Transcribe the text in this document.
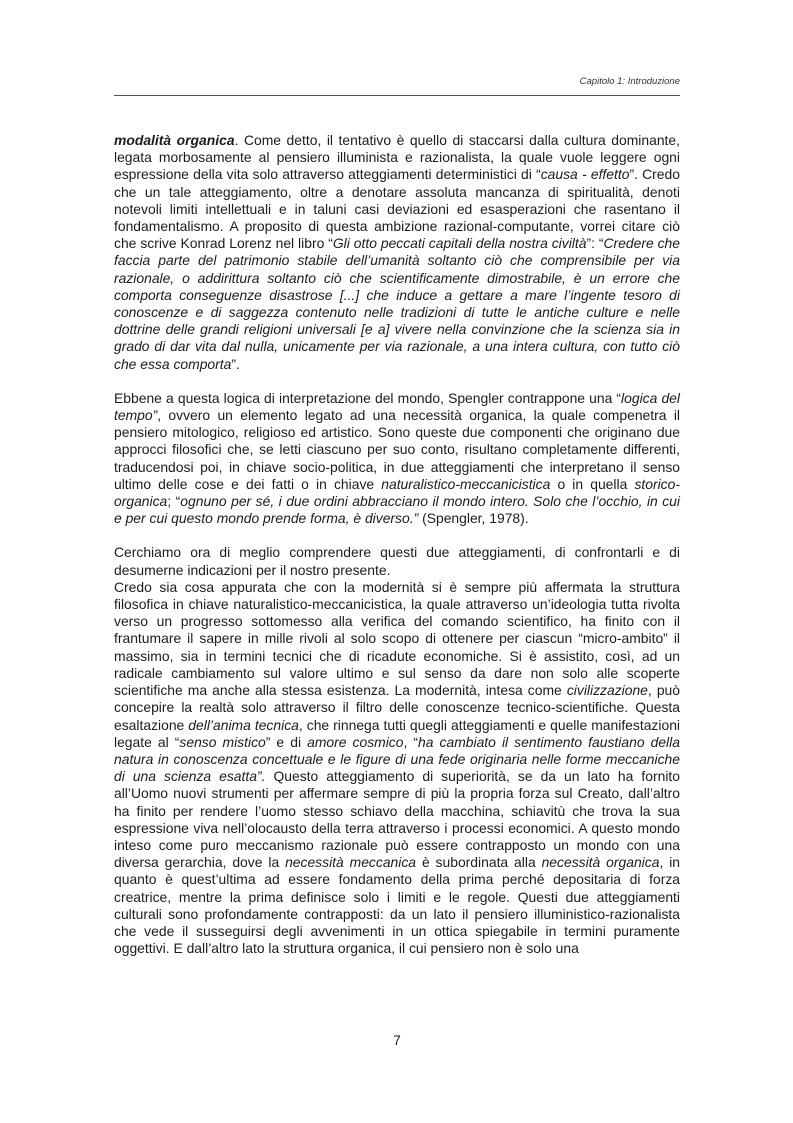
Capitolo 1: Introduzione

modalità organica. Come detto, il tentativo è quello di staccarsi dalla cultura dominante, legata morbosamente al pensiero illuminista e razionalista, la quale vuole leggere ogni espressione della vita solo attraverso atteggiamenti deterministici di “causa - effetto”. Credo che un tale atteggiamento, oltre a denotare assoluta mancanza di spiritualità, denoti notevoli limiti intellettuali e in taluni casi deviazioni ed esasperazioni che rasentano il fondamentalismo. A proposito di questa ambizione razional-computante, vorrei citare ciò che scrive Konrad Lorenz nel libro “Gli otto peccati capitali della nostra civiltà”: “Credere che faccia parte del patrimonio stabile dell’umanità soltanto ciò che comprensibile per via razionale, o addirittura soltanto ciò che scientificamente dimostrabile, è un errore che comporta conseguenze disastrose [...] che induce a gettare a mare l’ingente tesoro di conoscenze e di saggezza contenuto nelle tradizioni di tutte le antiche culture e nelle dottrine delle grandi religioni universali [e a] vivere nella convinzione che la scienza sia in grado di dar vita dal nulla, unicamente per via razionale, a una intera cultura, con tutto ciò che essa comporta”.

Ebbene a questa logica di interpretazione del mondo, Spengler contrappone una “logica del tempo”, ovvero un elemento legato ad una necessità organica, la quale compenetra il pensiero mitologico, religioso ed artistico. Sono queste due componenti che originano due approcci filosofici che, se letti ciascuno per suo conto, risultano completamente differenti, traducendosi poi, in chiave socio-politica, in due atteggiamenti che interpretano il senso ultimo delle cose e dei fatti o in chiave naturalistico-meccanicistica o in quella storico-organica; “ognuno per sé, i due ordini abbracciano il mondo intero. Solo che l’occhio, in cui e per cui questo mondo prende forma, è diverso.” (Spengler, 1978).

Cerchiamo ora di meglio comprendere questi due atteggiamenti, di confrontarli e di desumerne indicazioni per il nostro presente.

Credo sia cosa appurata che con la modernità si è sempre più affermata la struttura filosofica in chiave naturalistico-meccanicistica, la quale attraverso un’ideologia tutta rivolta verso un progresso sottomesso alla verifica del comando scientifico, ha finito con il frantumare il sapere in mille rivoli al solo scopo di ottenere per ciascun “micro-ambito” il massimo, sia in termini tecnici che di ricadute economiche. Si è assistito, così, ad un radicale cambiamento sul valore ultimo e sul senso da dare non solo alle scoperte scientifiche ma anche alla stessa esistenza. La modernità, intesa come civilizzazione, può concepire la realtà solo attraverso il filtro delle conoscenze tecnico-scientifiche. Questa esaltazione dell’anima tecnica, che rinnega tutti quegli atteggiamenti e quelle manifestazioni legate al “senso mistico” e di amore cosmico, “ha cambiato il sentimento faustiano della natura in conoscenza concettuale e le figure di una fede originaria nelle forme meccaniche di una scienza esatta”. Questo atteggiamento di superiorità, se da un lato ha fornito all’Uomo nuovi strumenti per affermare sempre di più la propria forza sul Creato, dall’altro ha finito per rendere l’uomo stesso schiavo della macchina, schiavitù che trova la sua espressione viva nell’olocausto della terra attraverso i processi economici. A questo mondo inteso come puro meccanismo razionale può essere contrapposto un mondo con una diversa gerarchia, dove la necessità meccanica è subordinata alla necessità organica, in quanto è quest’ultima ad essere fondamento della prima perché depositaria di forza creatrice, mentre la prima definisce solo i limiti e le regole. Questi due atteggiamenti culturali sono profondamente contrapposti: da un lato il pensiero illuministico-razionalista che vede il susseguirsi degli avvenimenti in un ottica spiegabile in termini puramente oggettivi. E dall’altro lato la struttura organica, il cui pensiero non è solo una

7
